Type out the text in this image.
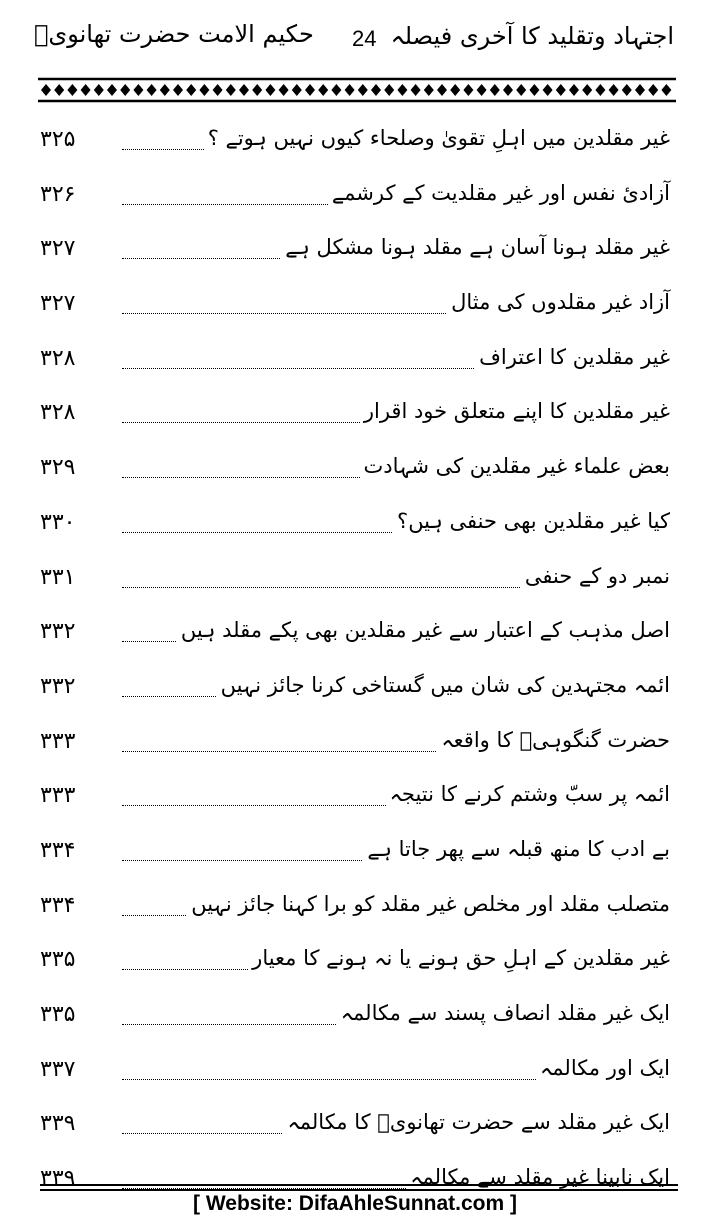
اجتہاد وتقلید کا آخری فیصلہ
24
حکیم الامت حضرت تھانویؒ
غیر مقلدین میں اہلِ تقویٰ وصلحاء کیوں نہیں ہوتے ؟
۳۲۵
آزادیٔ نفس اور غیر مقلدیت کے کرشمے
۳۲۶
غیر مقلد ہونا آسان ہے مقلد ہونا مشکل ہے
۳۲۷
آزاد غیر مقلدوں کی مثال
۳۲۷
غیر مقلدین کا اعتراف
۳۲۸
غیر مقلدین کا اپنے متعلق خود اقرار
۳۲۸
بعض علماء غیر مقلدین کی شہادت
۳۲۹
کیا غیر مقلدین بھی حنفی ہیں؟
۳۳۰
نمبر دو کے حنفی
۳۳۱
اصل مذہب کے اعتبار سے غیر مقلدین بھی پکے مقلد ہیں
۳۳۲
ائمہ مجتہدین کی شان میں گستاخی کرنا جائز نہیں
۳۳۲
حضرت گنگوہیؒ کا واقعہ
۳۳۳
ائمہ پر سبّ وشتم کرنے کا نتیجہ
۳۳۳
بے ادب کا منھ قبلہ سے پھر جاتا ہے
۳۳۴
متصلب مقلد اور مخلص غیر مقلد کو برا کہنا جائز نہیں
۳۳۴
غیر مقلدین کے اہلِ حق ہونے یا نہ ہونے کا معیار
۳۳۵
ایک غیر مقلد انصاف پسند سے مکالمہ
۳۳۵
ایک اور مکالمہ
۳۳۷
ایک غیر مقلد سے حضرت تھانویؒ کا مکالمہ
۳۳۹
ایک نابینا غیر مقلد سے مکالمہ
۳۳۹
[ Website: DifaAhleSunnat.com ]
